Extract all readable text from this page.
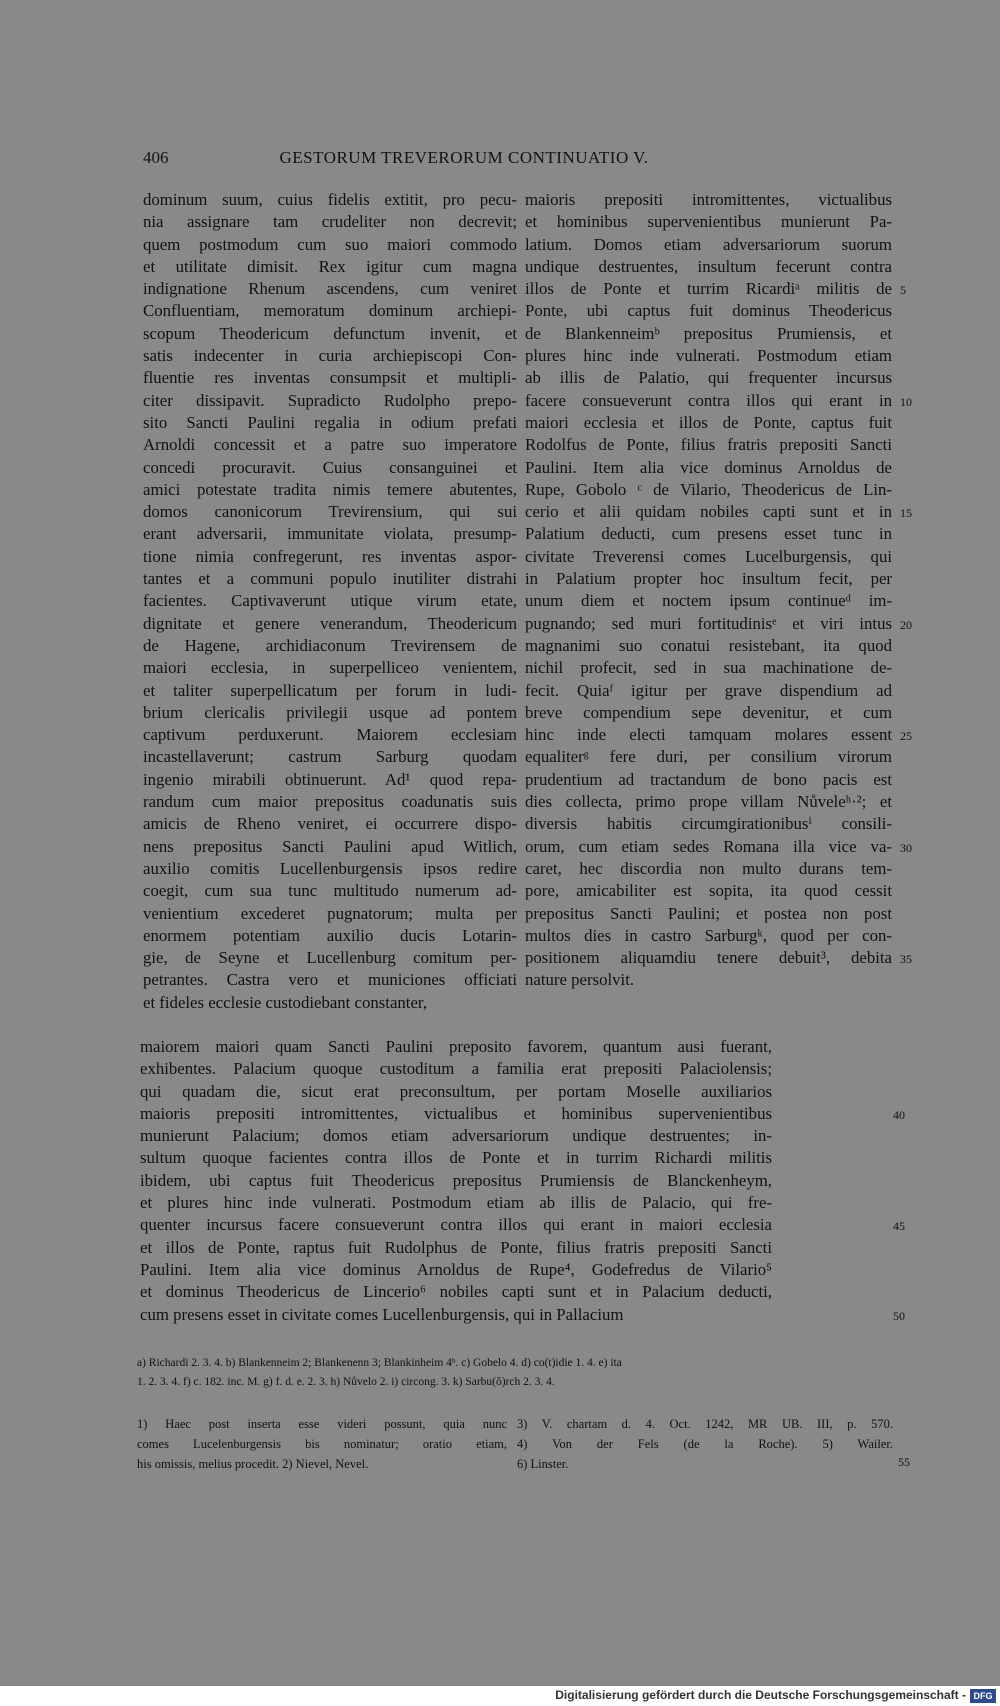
406	GESTORUM TREVERORUM CONTINUATIO V.
dominum suum, cuius fidelis extitit, pro pecu-
nia assignare tam crudeliter non decrevit;
quem postmodum cum suo maiori commodo
et utilitate dimisit. Rex igitur cum magna
indignatione Rhenum ascendens, cum veniret
Confluentiam, memoratum dominum archiepi-
scopum Theodericum defunctum invenit, et
satis indecenter in curia archiepiscopi Con-
fluentie res inventas consumpsit et multipli-
citer dissipavit. Supradicto Rudolpho prepo-
sito Sancti Paulini regalia in odium prefati
Arnoldi concessit et a patre suo imperatore
concedi procuravit. Cuius consanguinei et
amici potestate tradita nimis temere abutentes,
domos canonicorum Trevirensium, qui sui
erant adversarii, immunitate violata, presump-
tione nimia confregerunt, res inventas aspor-
tantes et a communi populo inutiliter distrahi
facientes. Captivaverunt utique virum etate,
dignitate et genere venerandum, Theodericum
de Hagene, archidiaconum Trevirensem de
maiori ecclesia, in superpelliceo venientem,
et taliter superpellicatum per forum in ludi-
brium clericalis privilegii usque ad pontem
captivum perduxerunt. Maiorem ecclesiam
incastellaverunt; castrum Sarburg quodam
ingenio mirabili obtinuerunt. Ad¹ quod repa-
randum cum maior prepositus coadunatis suis
amicis de Rheno veniret, ei occurrere dispo-
nens prepositus Sancti Paulini apud Witlich,
auxilio comitis Lucellenburgensis ipsos redire
coegit, cum sua tunc multitudo numerum ad-
venientium excederet pugnatorum; multa per
enormem potentiam auxilio ducis Lotarin-
gie, de Seyne et Lucellenburg comitum per-
petrantes. Castra vero et municiones officiati
et fideles ecclesie custodiebant constanter,
maioris prepositi intromittentes, victualibus
et hominibus supervenientibus munierunt Pa-
latium. Domos etiam adversariorum suorum
undique destruentes, insultum fecerunt contra
illos de Ponte et turrim Ricardiᵃ militis de
Ponte, ubi captus fuit dominus Theodericus
de Blankenneimᵇ prepositus Prumiensis, et
plures hinc inde vulnerati. Postmodum etiam
ab illis de Palatio, qui frequenter incursus
facere consueverunt contra illos qui erant in
maiori ecclesia et illos de Ponte, captus fuit
Rodolfus de Ponte, filius fratris prepositi Sancti
Paulini. Item alia vice dominus Arnoldus de
Rupe, Gobolo ᶜ de Vilario, Theodericus de Lin-
cerio et alii quidam nobiles capti sunt et in
Palatium deducti, cum presens esset tunc in
civitate Treverensi comes Lucelburgensis, qui
in Palatium propter hoc insultum fecit, per
unum diem et noctem ipsum continueᵈ im-
pugnando; sed muri fortitudinisᵉ et viri intus
magnanimi suo conatui resistebant, ita quod
nichil profecit, sed in sua machinatione de-
fecit. Quiaᶠ igitur per grave dispendium ad
breve compendium sepe devenitur, et cum
hinc inde electi tamquam molares essent
equaliterᵍ fere duri, per consilium virorum
prudentium ad tractandum de bono pacis est
dies collecta, primo prope villam Nůveleʰ·²; et
diversis habitis circumgirationibusⁱ consili-
orum, cum etiam sedes Romana illa vice va-
caret, hec discordia non multo durans tem-
pore, amicabiliter est sopita, ita quod cessit
prepositus Sancti Paulini; et postea non post
multos dies in castro Sarburgᵏ, quod per con-
positionem aliquamdiu tenere debuit³, debita
nature persolvit.
maiorem maiori quam Sancti Paulini preposito favorem, quantum ausi fuerant,
exhibentes. Palacium quoque custoditum a familia erat prepositi Palaciolensis;
qui quadam die, sicut erat preconsultum, per portam Moselle auxiliarios
maioris prepositi intromittentes, victualibus et hominibus supervenientibus
munierunt Palacium; domos etiam adversariorum undique destruentes; in-
sultum quoque facientes contra illos de Ponte et in turrim Richardi militis
ibidem, ubi captus fuit Theodericus prepositus Prumiensis de Blanckenheym,
et plures hinc inde vulnerati. Postmodum etiam ab illis de Palacio, qui fre-
quenter incursus facere consueverunt contra illos qui erant in maiori ecclesia
et illos de Ponte, raptus fuit Rudolphus de Ponte, filius fratris prepositi Sancti
Paulini. Item alia vice dominus Arnoldus de Rupe⁴, Godefredus de Vilario⁵
et dominus Theodericus de Lincerio⁶ nobiles capti sunt et in Palacium deducti,
cum presens esset in civitate comes Lucellenburgensis, qui in Pallacium
5
10
15
20
25
30
35
40
45
50
a) Richardi 2. 3. 4. b) Blankenneim 2; Blankenenn 3; Blankinheim 4ᵇ. c) Gobelo 4. d) co(t)idie 1. 4. e) ita
1. 2. 3. 4. f) c. 182. inc. M. g) f. d. e. 2. 3. h) Nůvelo 2. i) circong. 3. k) Sarbu(ŏ)rch 2. 3. 4.
1) Haec post inserta esse videri possunt, quia nunc
comes Lucelenburgensis bis nominatur; oratio etiam,
his omissis, melius procedit. 2) Nievel, Nevel.
3) V. chartam d. 4. Oct. 1242, MR UB. III, p. 570.
4) Von der Fels (de la Roche). 5) Wailer.
6) Linster.	55
Digitalisierung gefördert durch die Deutsche Forschungsgemeinschaft - DFG
